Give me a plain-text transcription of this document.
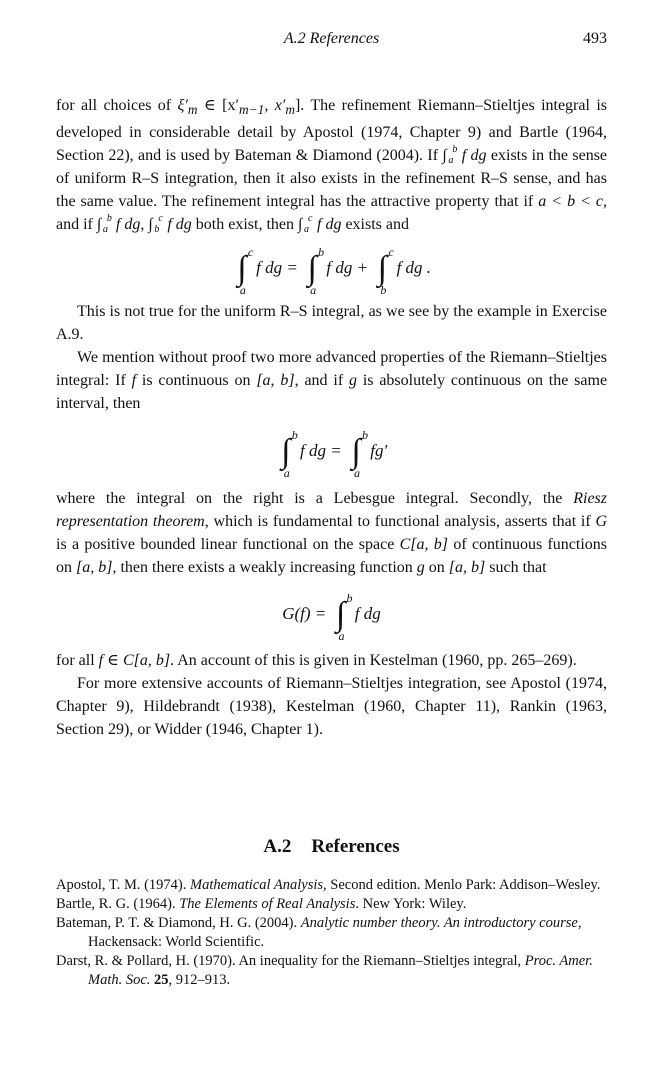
A.2 References	493

for all choices of $\xi'_m$ ∈ [$x'_{m-1}$, $x'_m$]. The refinement Riemann–Stieltjes integral is developed in considerable detail by Apostol (1974, Chapter 9) and Bartle (1964, Section 22), and is used by Bateman & Diamond (2004). If ∫ b
a f dg exists in the sense of uniform R–S integration, then it also exists in the refinement R–S sense, and has the same value. The refinement integral has the attractive property that if a < b < c, and if ∫ b
a f dg, ∫ c
b f dg both exist, then ∫ c
a f dg exists and

∫ c
a
f dg = ∫ b
a
f dg + ∫ c
b
f dg .

This is not true for the uniform R–S integral, as we see by the example in Exercise A.9.

We mention without proof two more advanced properties of the Riemann–Stieltjes integral: If f is continuous on [a, b], and if g is absolutely continuous on the same interval, then

∫ b
a
f dg = ∫ b
a
fg′

where the integral on the right is a Lebesgue integral. Secondly, the Riesz representation theorem, which is fundamental to functional analysis, asserts that if G is a positive bounded linear functional on the space C[a, b] of continuous functions on [a, b], then there exists a weakly increasing function g on [a, b] such that

G(f) = ∫ b
a
f dg

for all f ∈ C[a, b]. An account of this is given in Kestelman (1960, pp. 265–269).

For more extensive accounts of Riemann–Stieltjes integration, see Apostol (1974, Chapter 9), Hildebrandt (1938), Kestelman (1960, Chapter 11), Rankin (1963, Section 29), or Widder (1946, Chapter 1).

A.2 References
Apostol, T. M. (1974). Mathematical Analysis, Second edition. Menlo Park: Addison–Wesley.
Bartle, R. G. (1964). The Elements of Real Analysis. New York: Wiley.
Bateman, P. T. & Diamond, H. G. (2004). Analytic number theory. An introductory course, Hackensack: World Scientific.
Darst, R. & Pollard, H. (1970). An inequality for the Riemann–Stieltjes integral, Proc. Amer. Math. Soc. 25, 912–913.
